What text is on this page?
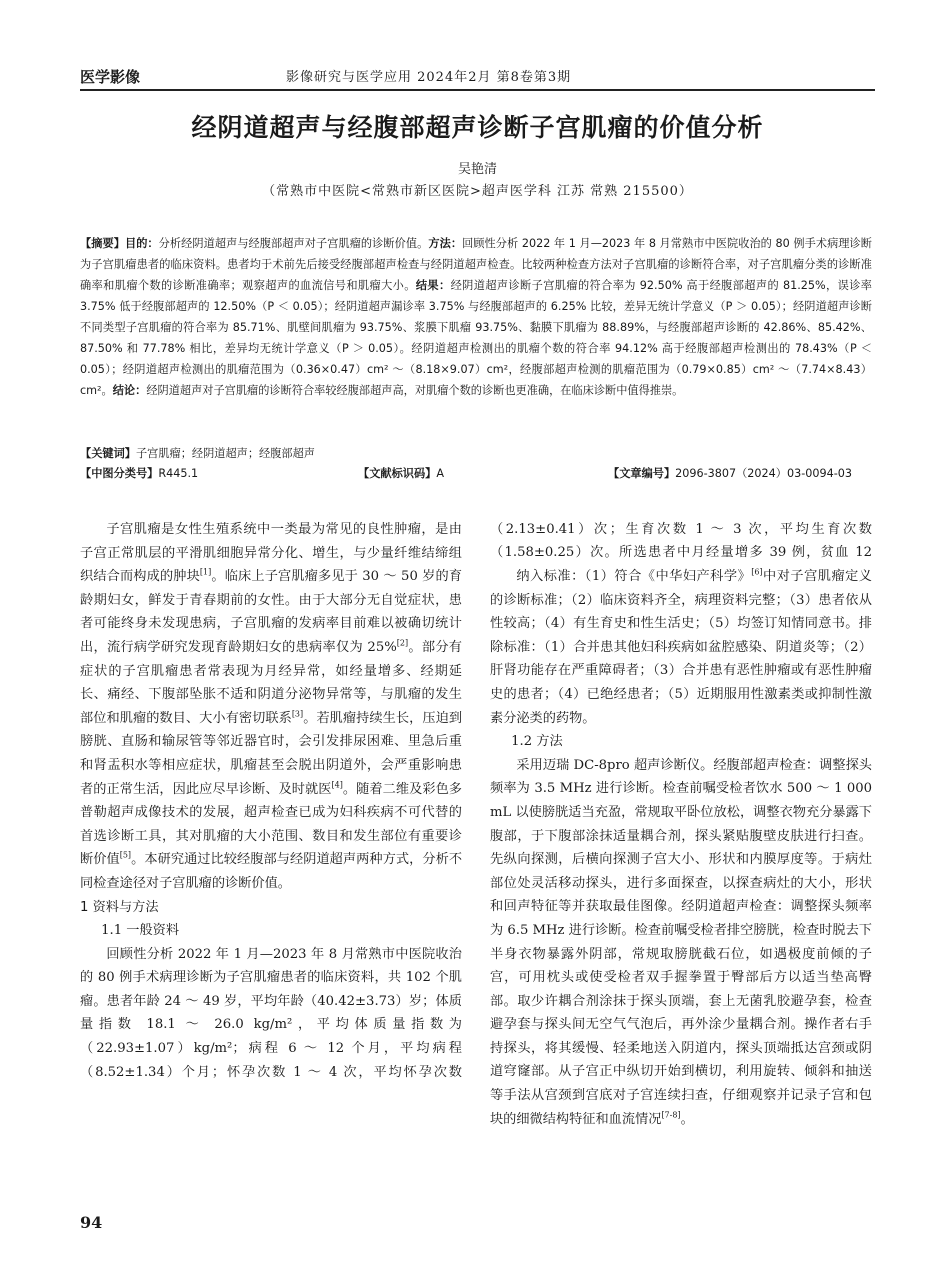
医学影像	影像研究与医学应用 2024年2月 第8卷第3期
经阴道超声与经腹部超声诊断子宫肌瘤的价值分析
吴艳清
（常熟市中医院<常熟市新区医院>超声医学科 江苏 常熟 215500）
【摘要】目的：分析经阴道超声与经腹部超声对子宫肌瘤的诊断价值。方法：回顾性分析 2022 年 1 月—2023 年 8 月常熟市中医院收治的 80 例手术病理诊断为子宫肌瘤患者的临床资料。患者均于术前先后接受经腹部超声检查与经阴道超声检查。比较两种检查方法对子宫肌瘤的诊断符合率，对子宫肌瘤分类的诊断准确率和肌瘤个数的诊断准确率；观察超声的血流信号和肌瘤大小。结果：经阴道超声诊断子宫肌瘤的符合率为 92.50% 高于经腹部超声的 81.25%，误诊率 3.75% 低于经腹部超声的 12.50%（P ＜ 0.05）；经阴道超声漏诊率 3.75% 与经腹部超声的 6.25% 比较，差异无统计学意义（P ＞ 0.05）；经阴道超声诊断不同类型子宫肌瘤的符合率为 85.71%、肌壁间肌瘤为 93.75%、浆膜下肌瘤 93.75%、黏膜下肌瘤为 88.89%，与经腹部超声诊断的 42.86%、85.42%、87.50% 和 77.78% 相比，差异均无统计学意义（P ＞ 0.05）。经阴道超声检测出的肌瘤个数的符合率 94.12% 高于经腹部超声检测出的 78.43%（P ＜ 0.05）；经阴道超声检测出的肌瘤范围为（0.36×0.47）cm² ～（8.18×9.07）cm²，经腹部超声检测的肌瘤范围为（0.79×0.85）cm² ～（7.74×8.43）cm²。结论：经阴道超声对子宫肌瘤的诊断符合率较经腹部超声高，对肌瘤个数的诊断也更准确，在临床诊断中值得推崇。
【关键词】子宫肌瘤；经阴道超声；经腹部超声
【中图分类号】R445.1	【文献标识码】A	【文章编号】2096-3807（2024）03-0094-03

子宫肌瘤是女性生殖系统中一类最为常见的良性肿瘤，是由子宫正常肌层的平滑肌细胞异常分化、增生，与少量纤维结缔组织结合而构成的肿块[1]。临床上子宫肌瘤多见于 30 ～ 50 岁的育龄期妇女，鲜发于青春期前的女性。由于大部分无自觉症状，患者可能终身未发现患病，子宫肌瘤的发病率目前难以被确切统计出，流行病学研究发现育龄期妇女的患病率仅为 25%[2]。部分有症状的子宫肌瘤患者常表现为月经异常，如经量增多、经期延长、痛经、下腹部坠胀不适和阴道分泌物异常等，与肌瘤的发生部位和肌瘤的数目、大小有密切联系[3]。若肌瘤持续生长，压迫到膀胱、直肠和输尿管等邻近器官时，会引发排尿困难、里急后重和肾盂积水等相应症状，肌瘤甚至会脱出阴道外，会严重影响患者的正常生活，因此应尽早诊断、及时就医[4]。随着二维及彩色多普勒超声成像技术的发展，超声检查已成为妇科疾病不可代替的首选诊断工具，其对肌瘤的大小范围、数目和发生部位有重要诊断价值[5]。本研究通过比较经腹部与经阴道超声两种方式，分析不同检查途径对子宫肌瘤的诊断价值。

1 资料与方法

1.1 一般资料

回顾性分析 2022 年 1 月—2023 年 8 月常熟市中医院收治的 80 例手术病理诊断为子宫肌瘤患者的临床资料，共 102 个肌瘤。患者年龄 24 ～ 49 岁，平均年龄（40.42±3.73）岁；体质量指数 18.1 ～ 26.0 kg/m²，平均体质量指数为（22.93±1.07）kg/m²；病程 6 ～ 12 个月，平均病程（8.52±1.34）个月；怀孕次数 1 ～ 4 次，平均怀孕次数

（2.13±0.41）次；生育次数 1 ～ 3 次，平均生育次数（1.58±0.25）次。所选患者中月经量增多 39 例，贫血 12

纳入标准：（1）符合《中华妇产科学》[6]中对子宫肌瘤定义的诊断标准；（2）临床资料齐全，病理资料完整；（3）患者依从性较高；（4）有生育史和性生活史；（5）均签订知情同意书。排除标准：（1）合并患其他妇科疾病如盆腔感染、阴道炎等；（2）肝肾功能存在严重障碍者；（3）合并患有恶性肿瘤或有恶性肿瘤史的患者；（4）已绝经患者；（5）近期服用性激素类或抑制性激素分泌类的药物。

1.2 方法

采用迈瑞 DC-8pro 超声诊断仪。经腹部超声检查：调整探头频率为 3.5 MHz 进行诊断。检查前嘱受检者饮水 500 ～ 1 000 mL 以使膀胱适当充盈，常规取平卧位放松，调整衣物充分暴露下腹部，于下腹部涂抹适量耦合剂，探头紧贴腹壁皮肤进行扫查。先纵向探测，后横向探测子宫大小、形状和内膜厚度等。于病灶部位处灵活移动探头，进行多面探查，以探查病灶的大小，形状和回声特征等并获取最佳图像。经阴道超声检查：调整探头频率为 6.5 MHz 进行诊断。检查前嘱受检者排空膀胱，检查时脱去下半身衣物暴露外阴部，常规取膀胱截石位，如遇极度前倾的子宫，可用枕头或使受检者双手握拳置于臀部后方以适当垫高臀部。取少许耦合剂涂抹于探头顶端，套上无菌乳胶避孕套，检查避孕套与探头间无空气气泡后，再外涂少量耦合剂。操作者右手持探头，将其缓慢、轻柔地送入阴道内，探头顶端抵达宫颈或阴道穹窿部。从子宫正中纵切开始到横切，利用旋转、倾斜和抽送等手法从宫颈到宫底对子宫连续扫查，仔细观察并记录子宫和包块的细微结构特征和血流情况[7-8]。

94
